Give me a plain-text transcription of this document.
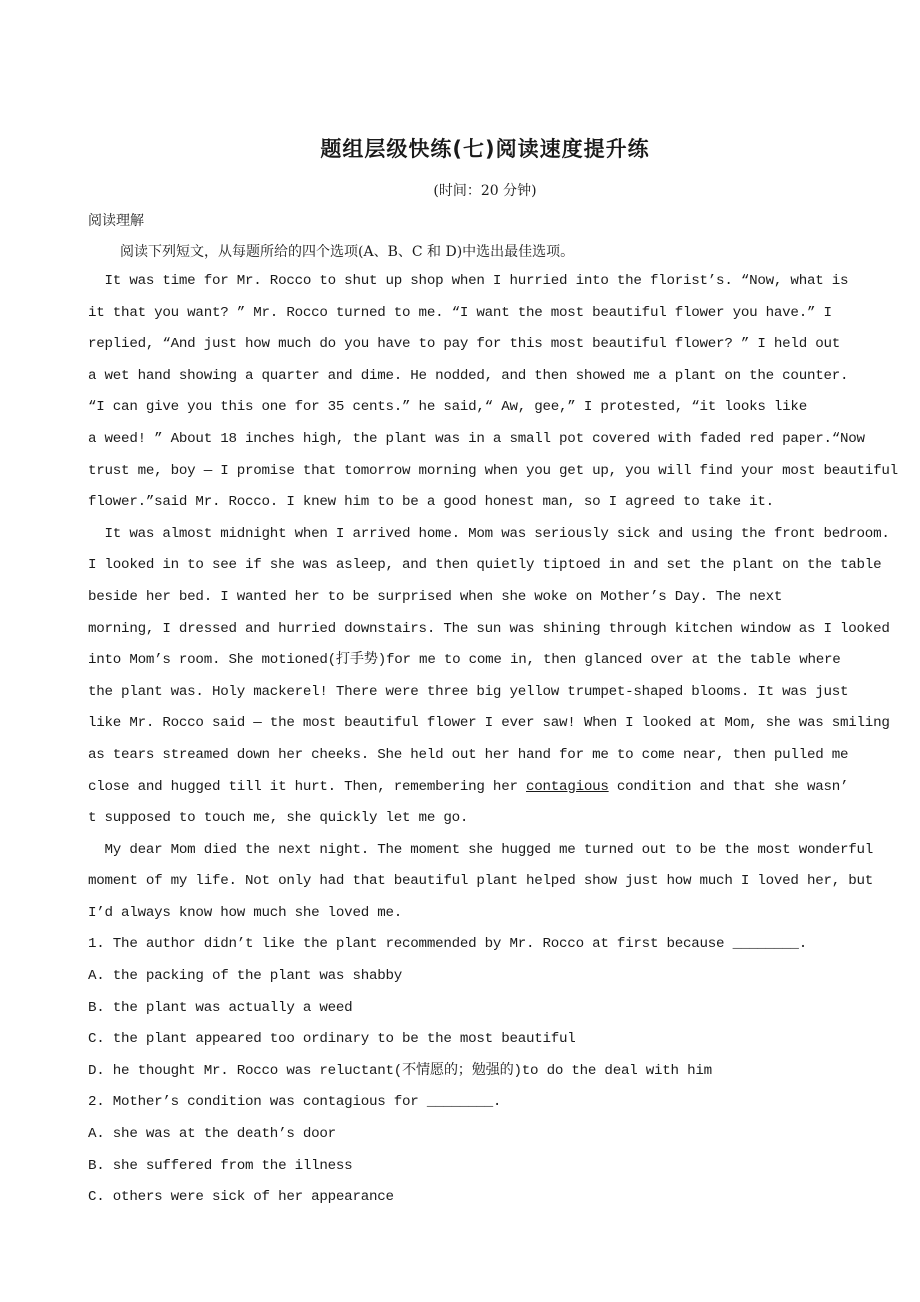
题组层级快练(七)阅读速度提升练
(时间：20 分钟)
阅读理解
阅读下列短文，从每题所给的四个选项(A、B、C 和 D)中选出最佳选项。
It was time for Mr. Rocco to shut up shop when I hurried into the florist’s. “Now, what is
it that you want? ” Mr. Rocco turned to me. “I want the most beautiful flower you have.” I
replied, “And just how much do you have to pay for this most beautiful flower? ” I held out
a wet hand showing a quarter and dime. He nodded, and then showed me a plant on the counter.
“I can give you this one for 35 cents.” he said,“ Aw, gee,” I protested, “it looks like
a weed! ” About 18 inches high, the plant was in a small pot covered with faded red paper.“Now
trust me, boy — I promise that tomorrow morning when you get up, you will find your most beautiful
flower.”said Mr. Rocco. I knew him to be a good honest man, so I agreed to take it.
It was almost midnight when I arrived home. Mom was seriously sick and using the front bedroom.
I looked in to see if she was asleep, and then quietly tiptoed in and set the plant on the table
beside her bed. I wanted her to be surprised when she woke on Mother’s Day. The next
morning, I dressed and hurried downstairs. The sun was shining through kitchen window as I looked
into Mom’s room. She motioned(打手势)for me to come in, then glanced over at the table where
the plant was. Holy mackerel! There were three big yellow trumpet-shaped blooms. It was just
like Mr. Rocco said — the most beautiful flower I ever saw! When I looked at Mom, she was smiling
as tears streamed down her cheeks. She held out her hand for me to come near, then pulled me
close and hugged till it hurt. Then, remembering her contagious condition and that she wasn’
t supposed to touch me, she quickly let me go.
My dear Mom died the next night. The moment she hugged me turned out to be the most wonderful
moment of my life. Not only had that beautiful plant helped show just how much I loved her, but
I’d always know how much she loved me.
1. The author didn’t like the plant recommended by Mr. Rocco at first because ________.
A. the packing of the plant was shabby
B. the plant was actually a weed
C. the plant appeared too ordinary to be the most beautiful
D. he thought Mr. Rocco was reluctant(不情愿的；勉强的)to do the deal with him
2. Mother’s condition was contagious for ________.
A. she was at the death’s door
B. she suffered from the illness
C. others were sick of her appearance
